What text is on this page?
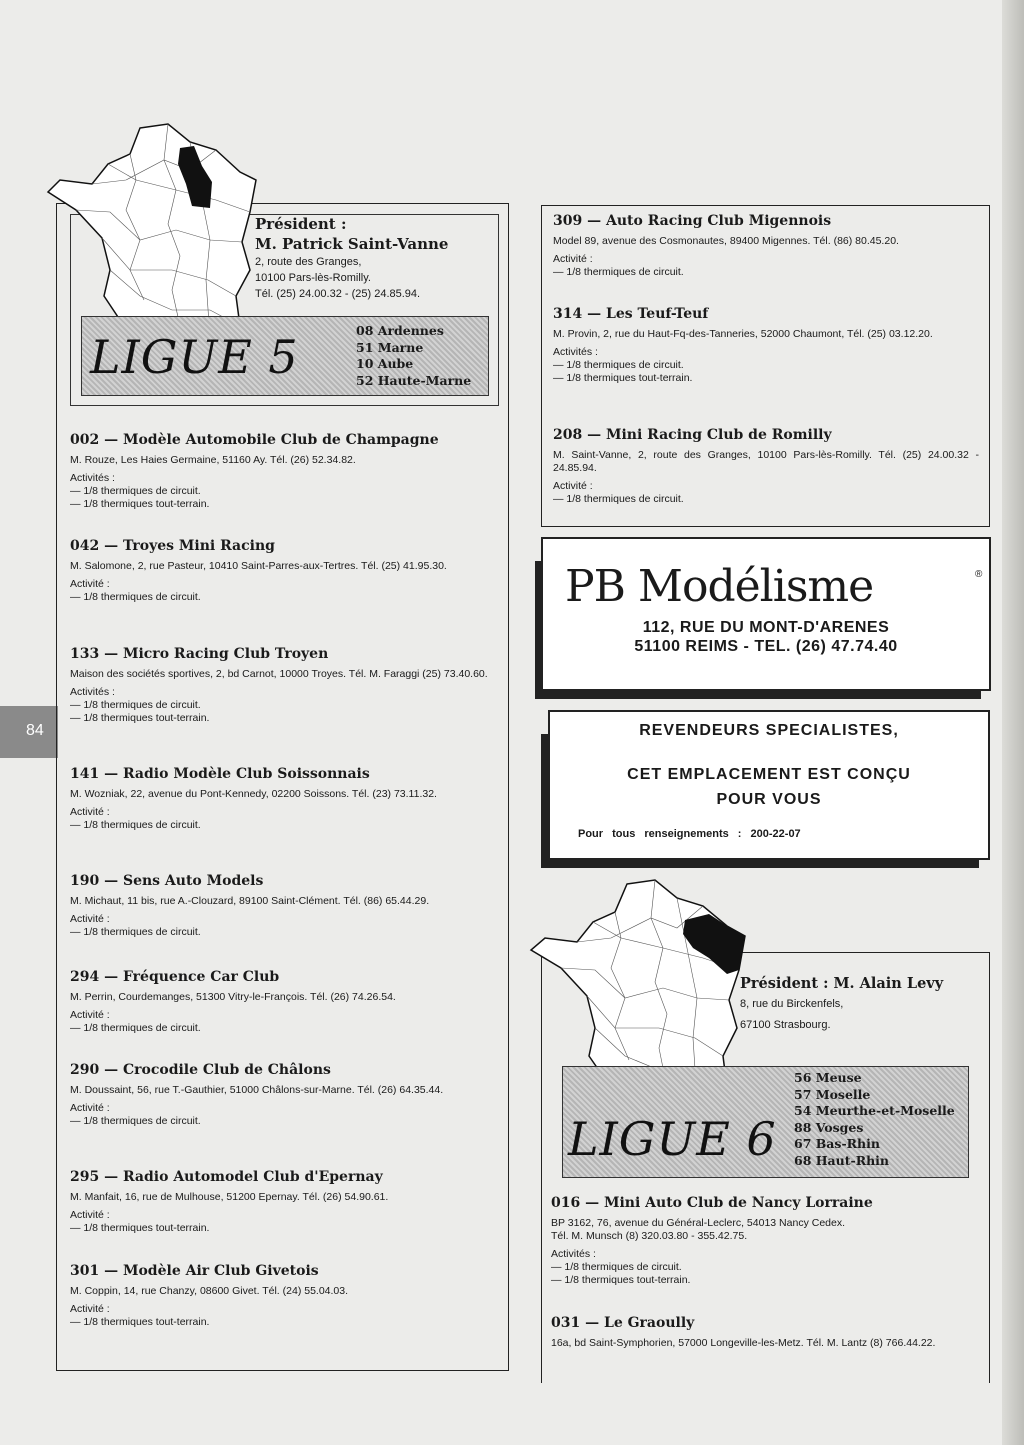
84
Président :
M. Patrick Saint-Vanne
2, route des Granges,
10100 Pars-lès-Romilly.
Tél. (25) 24.00.32 - (25) 24.85.94.
LIGUE 5	08 Ardennes
51 Marne
10 Aube
52 Haute-Marne
002 — Modèle Automobile Club de Champagne
M. Rouze, Les Haies Germaine, 51160 Ay. Tél. (26) 52.34.82.
Activités :
— 1/8 thermiques de circuit.
— 1/8 thermiques tout-terrain.
042 — Troyes Mini Racing
M. Salomone, 2, rue Pasteur, 10410 Saint-Parres-aux-Tertres. Tél. (25) 41.95.30.
Activité :
— 1/8 thermiques de circuit.
133 — Micro Racing Club Troyen
Maison des sociétés sportives, 2, bd Carnot, 10000 Troyes. Tél. M. Faraggi (25) 73.40.60.
Activités :
— 1/8 thermiques de circuit.
— 1/8 thermiques tout-terrain.
141 — Radio Modèle Club Soissonnais
M. Wozniak, 22, avenue du Pont-Kennedy, 02200 Soissons. Tél. (23) 73.11.32.
Activité :
— 1/8 thermiques de circuit.
190 — Sens Auto Models
M. Michaut, 11 bis, rue A.-Clouzard, 89100 Saint-Clément. Tél. (86) 65.44.29.
Activité :
— 1/8 thermiques de circuit.
294 — Fréquence Car Club
M. Perrin, Courdemanges, 51300 Vitry-le-François. Tél. (26) 74.26.54.
Activité :
— 1/8 thermiques de circuit.
290 — Crocodile Club de Châlons
M. Doussaint, 56, rue T.-Gauthier, 51000 Châlons-sur-Marne. Tél. (26) 64.35.44.
Activité :
— 1/8 thermiques de circuit.
295 — Radio Automodel Club d'Epernay
M. Manfait, 16, rue de Mulhouse, 51200 Epernay. Tél. (26) 54.90.61.
Activité :
— 1/8 thermiques tout-terrain.
301 — Modèle Air Club Givetois
M. Coppin, 14, rue Chanzy, 08600 Givet. Tél. (24) 55.04.03.
Activité :
— 1/8 thermiques tout-terrain.
309 — Auto Racing Club Migennois
Model 89, avenue des Cosmonautes, 89400 Migennes. Tél. (86) 80.45.20.
Activité :
— 1/8 thermiques de circuit.
314 — Les Teuf-Teuf
M. Provin, 2, rue du Haut-Fq-des-Tanneries, 52000 Chaumont, Tél. (25) 03.12.20.
Activités :
— 1/8 thermiques de circuit.
— 1/8 thermiques tout-terrain.
208 — Mini Racing Club de Romilly
M. Saint-Vanne, 2, route des Granges, 10100 Pars-lès-Romilly. Tél. (25) 24.00.32 - 24.85.94.
Activité :
— 1/8 thermiques de circuit.
PB Modélisme	®
112, RUE DU MONT-D'ARENES
51100 REIMS - TEL. (26) 47.74.40
REVENDEURS SPECIALISTES,
CET EMPLACEMENT EST CONÇU
POUR VOUS
Pour tous renseignements : 200-22-07
Président : M. Alain Levy
8, rue du Birckenfels,
67100 Strasbourg.
LIGUE 6
56 Meuse
57 Moselle
54 Meurthe-et-Moselle
88 Vosges
67 Bas-Rhin
68 Haut-Rhin
016 — Mini Auto Club de Nancy Lorraine
BP 3162, 76, avenue du Général-Leclerc, 54013 Nancy Cedex.
Tél. M. Munsch (8) 320.03.80 - 355.42.75.
Activités :
— 1/8 thermiques de circuit.
— 1/8 thermiques tout-terrain.
031 — Le Graoully
16a, bd Saint-Symphorien, 57000 Longeville-les-Metz. Tél. M. Lantz (8) 766.44.22.
